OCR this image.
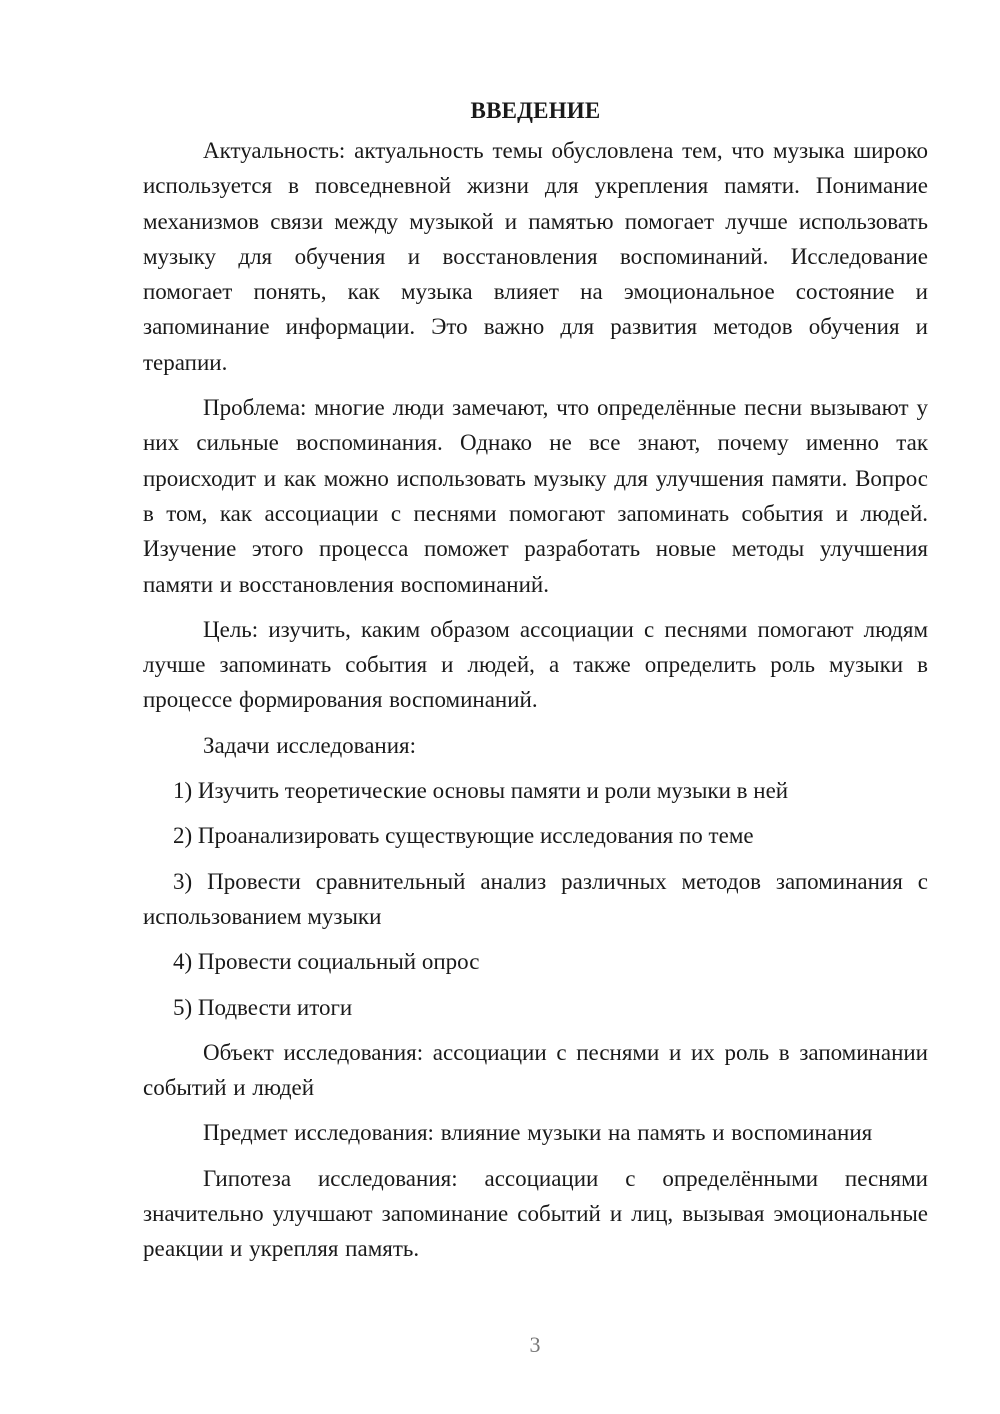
ВВЕДЕНИЕ

Актуальность: актуальность темы обусловлена тем, что музыка широко используется в повседневной жизни для укрепления памяти. Понимание механизмов связи между музыкой и памятью помогает лучше использовать музыку для обучения и восстановления воспоминаний. Исследование помогает понять, как музыка влияет на эмоциональное состояние и запоминание информации. Это важно для развития методов обучения и терапии.

Проблема: многие люди замечают, что определённые песни вызывают у них сильные воспоминания. Однако не все знают, почему именно так происходит и как можно использовать музыку для улучшения памяти. Вопрос в том, как ассоциации с песнями помогают запоминать события и людей. Изучение этого процесса поможет разработать новые методы улучшения памяти и восстановления воспоминаний.

Цель: изучить, каким образом ассоциации с песнями помогают людям лучше запоминать события и людей, а также определить роль музыки в процессе формирования воспоминаний.

Задачи исследования:

1) Изучить теоретические основы памяти и роли музыки в ней

2) Проанализировать существующие исследования по теме

3) Провести сравнительный анализ различных методов запоминания с использованием музыки

4) Провести социальный опрос

5) Подвести итоги

Объект исследования: ассоциации с песнями и их роль в запоминании событий и людей

Предмет исследования: влияние музыки на память и воспоминания

Гипотеза исследования: ассоциации с определёнными песнями значительно улучшают запоминание событий и лиц, вызывая эмоциональные реакции и укрепляя память.

3
